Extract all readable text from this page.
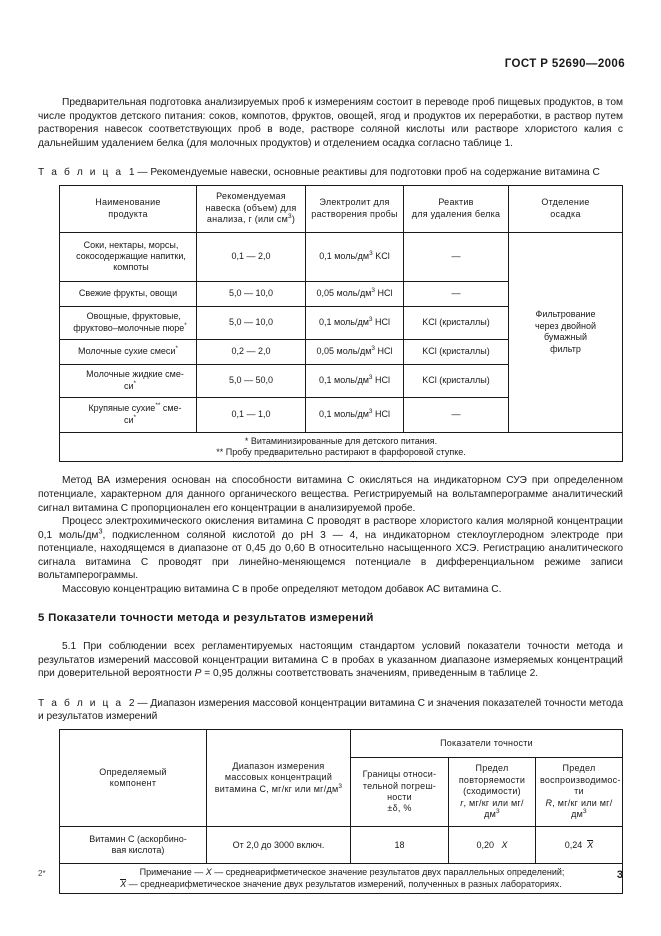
ГОСТ Р 52690—2006

Предварительная подготовка анализируемых проб к измерениям состоит в переводе проб пищевых продуктов, в том числе продуктов детского питания: соков, компотов, фруктов, овощей, ягод и продуктов их переработки, в раствор путем растворения навесок соответствующих проб в воде, растворе соляной кислоты или растворе хлористого калия с дальнейшим удалением белка (для молочных продуктов) и отделением осадка согласно таблице 1.

Т а б л и ц а 1 — Рекомендуемые навески, основные реактивы для подготовки проб на содержание витамина С

Наименование
продукта	Рекомендуемая
навеска (объем) для
анализа, г (или $см^3$)	Электролит для
растворения пробы	Реактив
для удаления белка	Отделение
осадка
Соки, нектары, морсы, сокосодержащие напитки, компоты	0,1 — 2,0	0,1 моль/$дм^3$ KCl	—	Фильтрование
через двойной
бумажный
фильтр
Свежие фрукты, овощи	5,0 — 10,0	0,05 моль/$дм^3$ HCl	—	
Овощные, фруктовые, фруктово–молочные пюре*	5,0 — 10,0	0,1 моль/$дм^3$ HCl	KCl (кристаллы)	
Молочные сухие смеси*	0,2 — 2,0	0,05 моль/$дм^3$ HCl	KCl (кристаллы)	
Молочные жидкие сме-
си*	5,0 — 50,0	0,1 моль/$дм^3$ HCl	KCl (кристаллы)	
Крупяные сухие** сме-
си*	0,1 — 1,0	0,1 моль/$дм^3$ HCl	—	
* Витаминизированные для детского питания.
** Пробу предварительно растирают в фарфоровой ступке.				

Метод ВА измерения основан на способности витамина С окисляться на индикаторном СУЭ при определенном потенциале, характерном для данного органического вещества. Регистрируемый на вольтамперограмме аналитический сигнал витамина С пропорционален его концентрации в анализируемой пробе.

Процесс электрохимического окисления витамина С проводят в растворе хлористого калия молярной концентрации 0,1 моль/$дм^3$, подкисленном соляной кислотой до рН 3 — 4, на индикаторном стеклоуглеродном электроде при потенциале, находящемся в диапазоне от 0,45 до 0,60 В относительно насыщенного ХСЭ. Регистрацию аналитического сигнала витамина С проводят при линейно-меняющемся потенциале в дифференциальном режиме записи вольтамперограммы.

Массовую концентрацию витамина С в пробе определяют методом добавок АС витамина С.

5 Показатели точности метода и результатов измерений

5.1 При соблюдении всех регламентируемых настоящим стандартом условий показатели точности метода и результатов измерений массовой концентрации витамина С в пробах в указанном диапазоне измеряемых концентраций при доверительной вероятности P = 0,95 должны соответствовать значениям, приведенным в таблице 2.

Т а б л и ц а 2 — Диапазон измерения массовой концентрации витамина С и значения показателей точности метода и результатов измерений

Определяемый
компонент	Диапазон измерения
массовых концентраций
витамина С, мг/кг или $мг/дм^3$	Показатели точности		
		Границы относи-
тельной погреш-
ности
±δ, %	Предел
повторяемости
(сходимости)
r, мг/кг или $мг/дм^3$	Предел
воспроизводимос-
ти
R, мг/кг или $мг/дм^3$
Витамин С (аскорбино-
вая кислота)	От 2,0 до 3000 включ.	18	0,20 X	0,24 X
Примечание — X — среднеарифметическое значение результатов двух параллельных определений;
X — среднеарифметическое значение двух результатов измерений, полученных в разных лабораториях.				
2*	3
